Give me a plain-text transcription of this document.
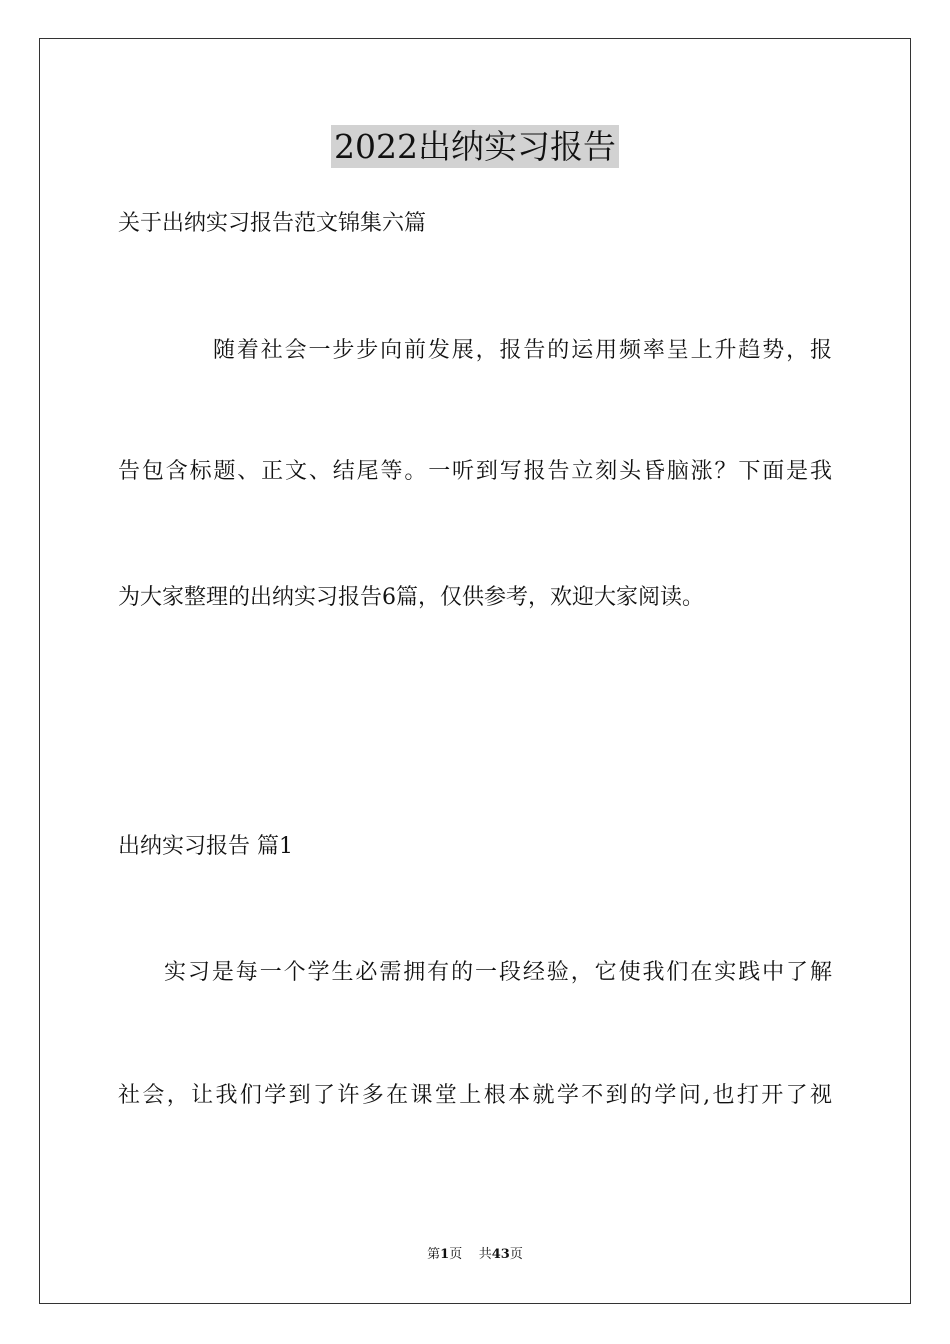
2022出纳实习报告
关于出纳实习报告范文锦集六篇
随着社会一步步向前发展，报告的运用频率呈上升趋势，报
告包含标题、正文、结尾等。一听到写报告立刻头昏脑涨？下面是我
为大家整理的出纳实习报告6篇，仅供参考，欢迎大家阅读。
出纳实习报告 篇1
实习是每一个学生必需拥有的一段经验，它使我们在实践中了解
社会，让我们学到了许多在课堂上根本就学不到的学问,也打开了视
第1页 共43页
